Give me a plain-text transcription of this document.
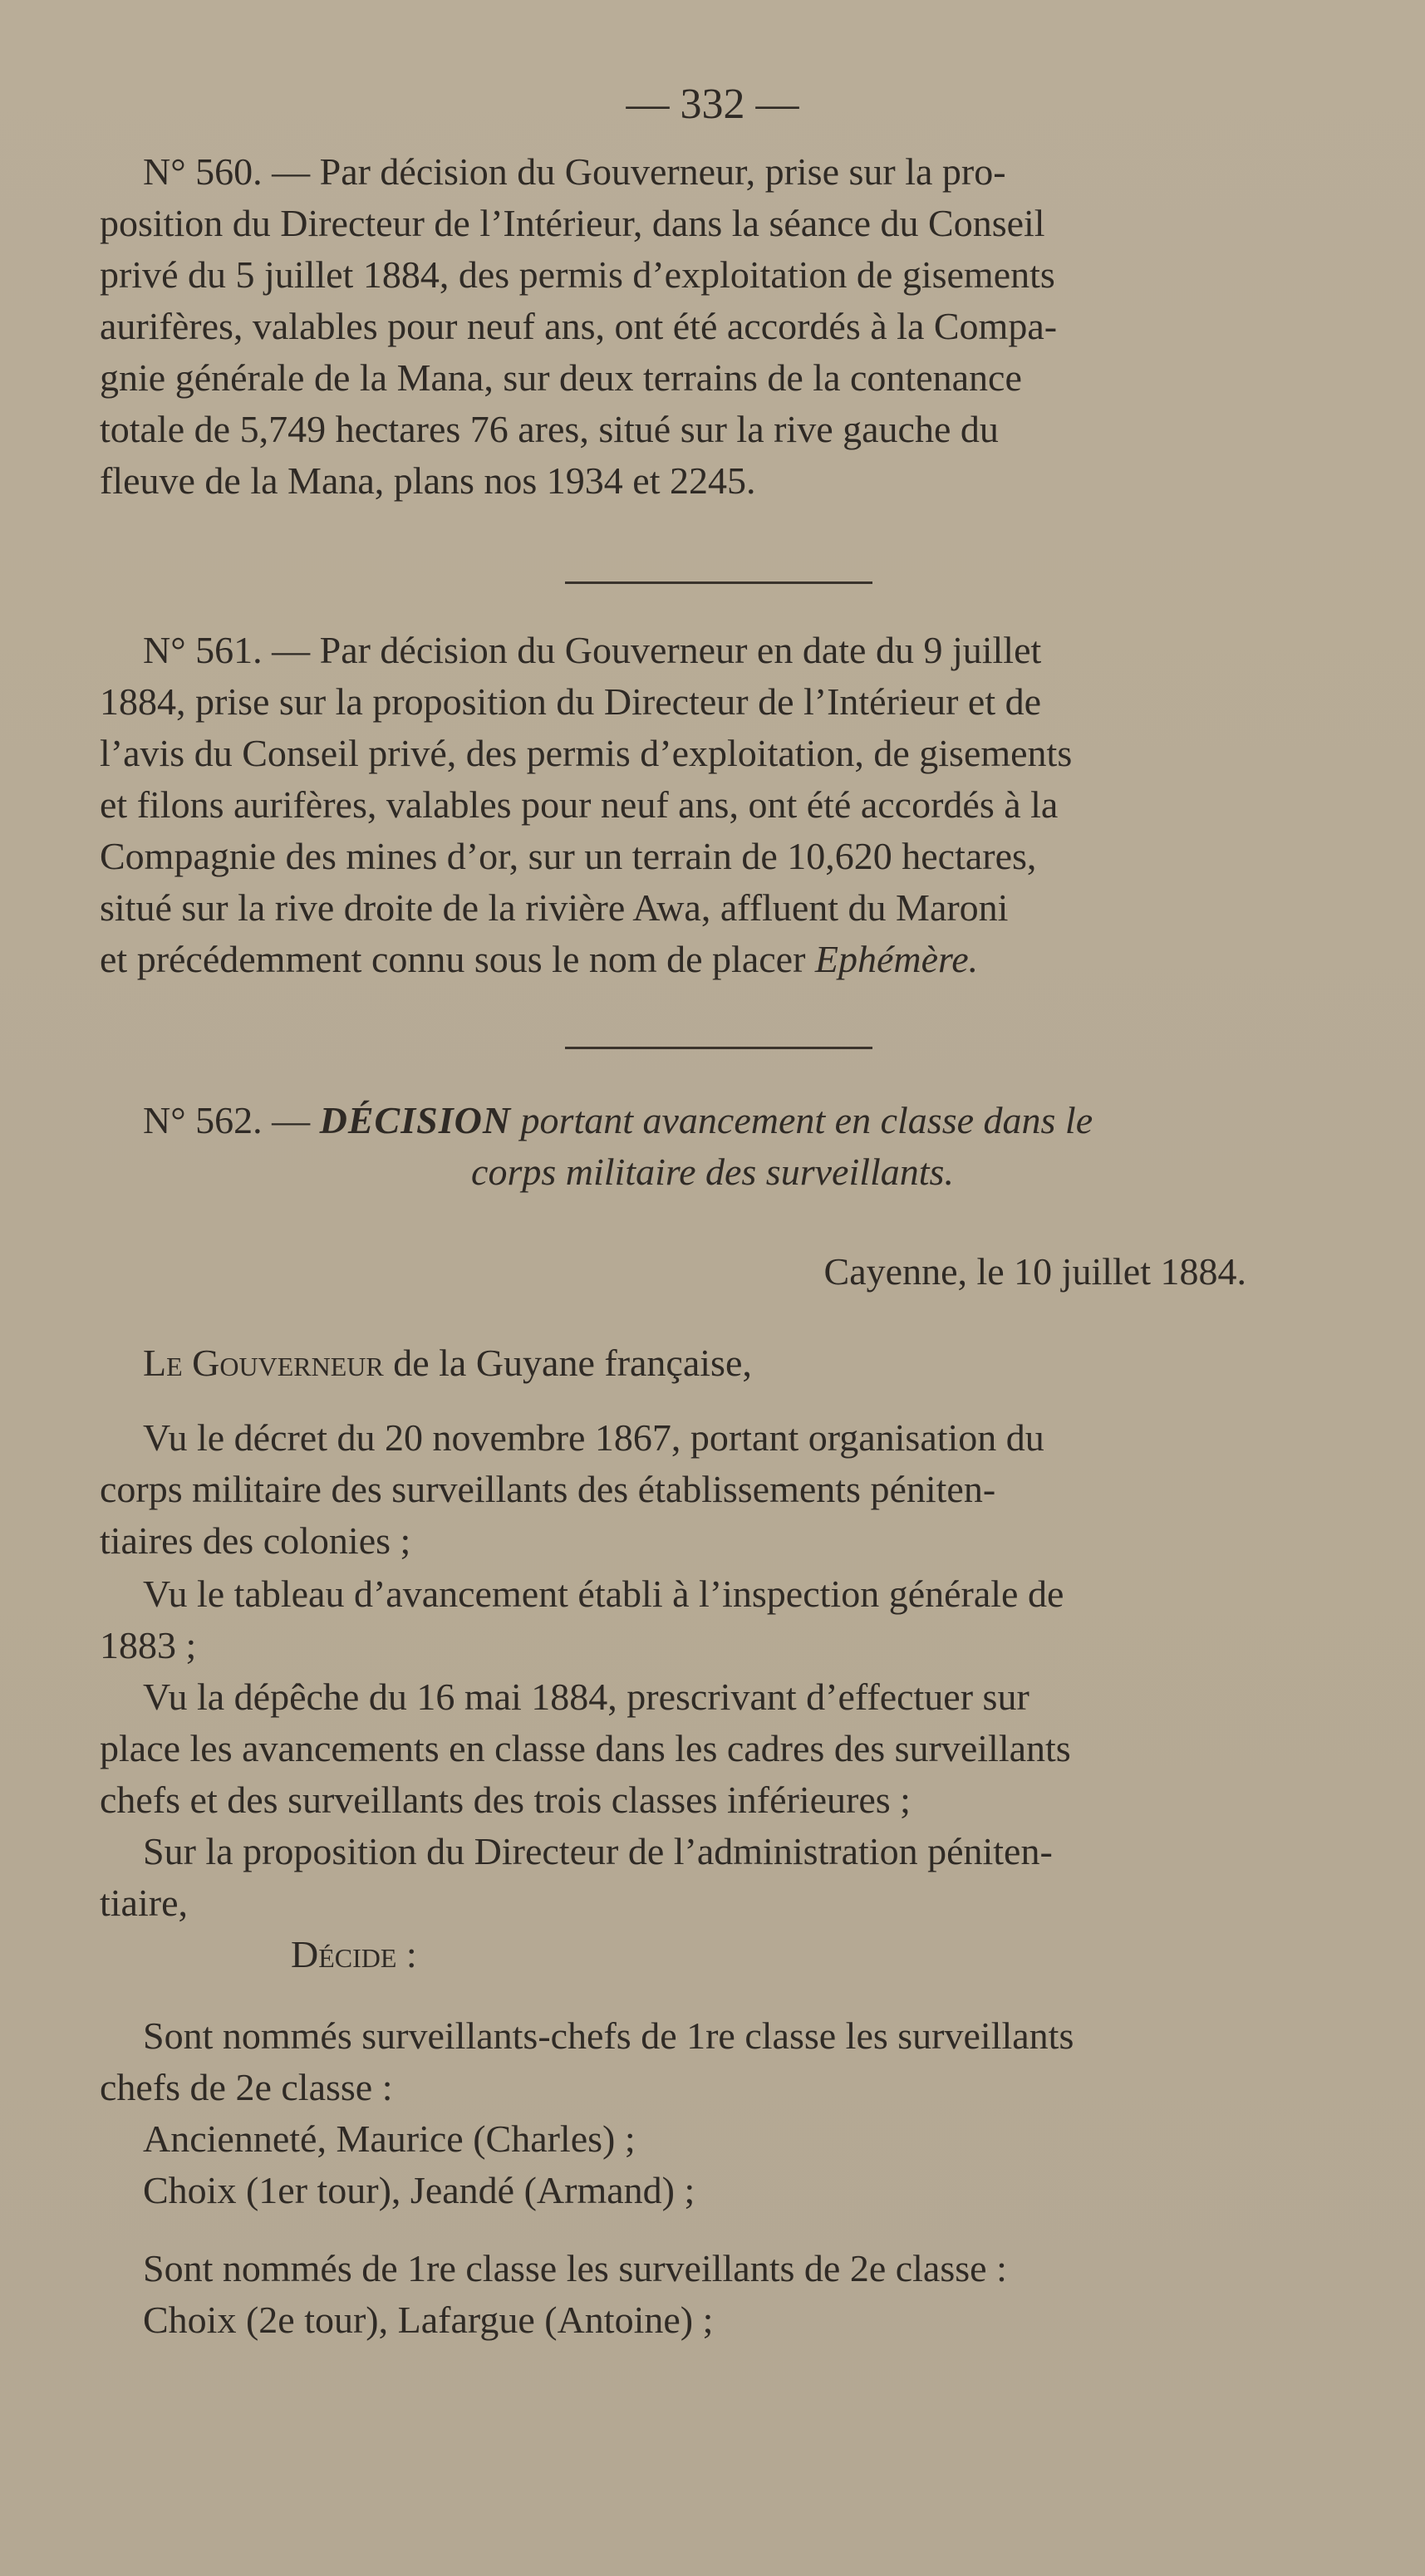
— 332 —
N° 560. — Par décision du Gouverneur, prise sur la pro-
position du Directeur de l’Intérieur, dans la séance du Conseil
privé du 5 juillet 1884, des permis d’exploitation de gisements
aurifères, valables pour neuf ans, ont été accordés à la Compa-
gnie générale de la Mana, sur deux terrains de la contenance
totale de 5,749 hectares 76 ares, situé sur la rive gauche du
fleuve de la Mana, plans nos 1934 et 2245.
N° 561. — Par décision du Gouverneur en date du 9 juillet
1884, prise sur la proposition du Directeur de l’Intérieur et de
l’avis du Conseil privé, des permis d’exploitation, de gisements
et filons aurifères, valables pour neuf ans, ont été accordés à la
Compagnie des mines d’or, sur un terrain de 10,620 hectares,
situé sur la rive droite de la rivière Awa, affluent du Maroni
et précédemment connu sous le nom de placer Ephémère.
N° 562. — DÉCISION portant avancement en classe dans le
corps militaire des surveillants.
Cayenne, le 10 juillet 1884.
Le Gouverneur de la Guyane française,
Vu le décret du 20 novembre 1867, portant organisation du
corps militaire des surveillants des établissements péniten-
tiaires des colonies ;
Vu le tableau d’avancement établi à l’inspection générale de
1883 ;
Vu la dépêche du 16 mai 1884, prescrivant d’effectuer sur
place les avancements en classe dans les cadres des surveillants
chefs et des surveillants des trois classes inférieures ;
Sur la proposition du Directeur de l’administration péniten-
tiaire,
Décide :
Sont nommés surveillants-chefs de 1re classe les surveillants
chefs de 2e classe :
Ancienneté, Maurice (Charles) ;
Choix (1er tour), Jeandé (Armand) ;
Sont nommés de 1re classe les surveillants de 2e classe :
Choix (2e tour), Lafargue (Antoine) ;
